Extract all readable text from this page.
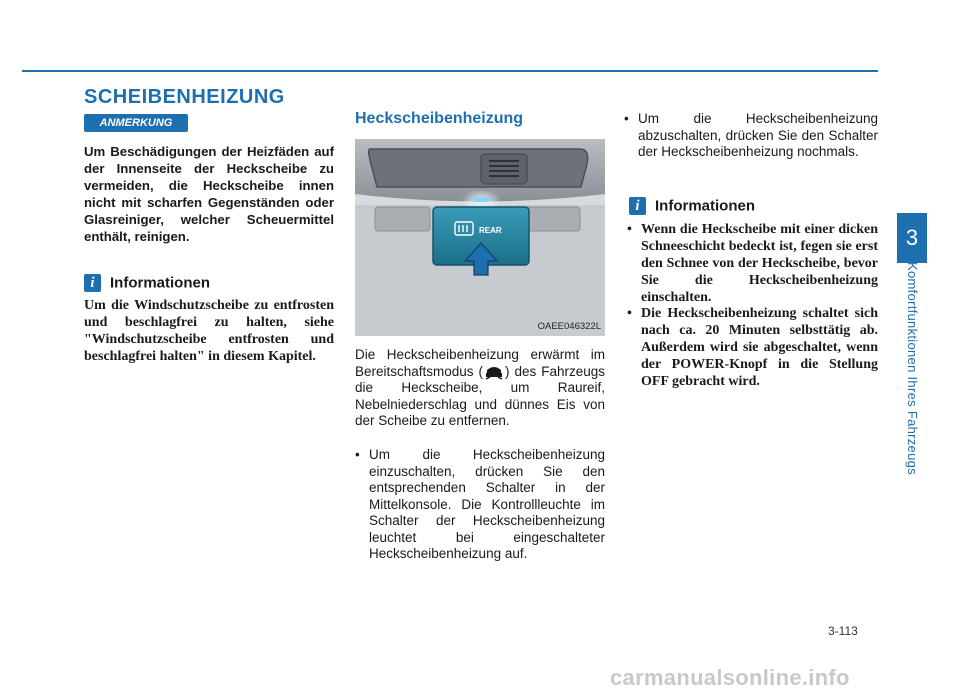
3
Komfortfunktionen Ihres Fahrzeugs
SCHEIBENHEIZUNG
ANMERKUNG
Um Beschädigungen der Heizfäden auf der Innenseite der Heckscheibe zu vermeiden, die Heckscheibe innen nicht mit scharfen Gegenständen oder Glasreiniger, welcher Scheuermittel enthält, reinigen.
i Informationen
Um die Windschutzscheibe zu entfrosten und beschlagfrei zu halten, siehe "Windschutzscheibe entfrosten und beschlagfrei halten" in diesem Kapitel.
Heckscheibenheizung
REAR
OAEE046322L
Die Heckscheibenheizung erwärmt im Bereitschaftsmodus ( ) des Fahrzeugs die Heckscheibe, um Raureif, Nebelniederschlag und dünnes Eis von der Scheibe zu entfernen.
• Um die Heckscheibenheizung einzuschalten, drücken Sie den entsprechenden Schalter in der Mittelkonsole. Die Kontrollleuchte im Schalter der Heckscheibenheizung leuchtet bei eingeschalteter Heckscheibenheizung auf.
• Um die Heckscheibenheizung abzuschalten, drücken Sie den Schalter der Heckscheibenheizung nochmals.
i Informationen
• Wenn die Heckscheibe mit einer dicken Schneeschicht bedeckt ist, fegen sie erst den Schnee von der Heckscheibe, bevor Sie die Heckscheibenheizung einschalten.
• Die Heckscheibenheizung schaltet sich nach ca. 20 Minuten selbsttätig ab. Außerdem wird sie abgeschaltet, wenn der POWER-Knopf in die Stellung OFF gebracht wird.
3-113
carmanualsonline.info
